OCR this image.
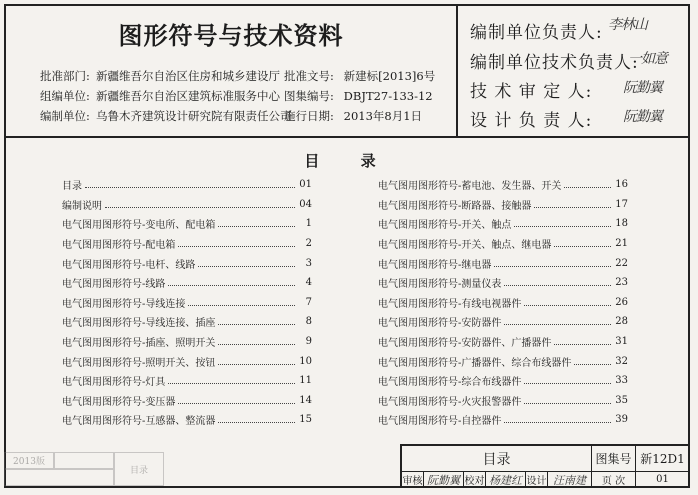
图形符号与技术资料
批准部门: 新疆维吾尔自治区住房和城乡建设厅 批准文号: 新建标[2013]6号
组编单位: 新疆维吾尔自治区建筑标准服务中心 图集编号: DBJT27-133-12
编制单位: 乌鲁木齐建筑设计研究院有限责任公司施行日期: 2013年8月1日
编制单位负责人: 李林山
编制单位技术负责人:
一如意
技 术 审 定 人:	阮勤翼
设 计 负 责 人:	阮勤翼
目 录
目录	01
编制说明	04
电气图用图形符号-变电所、配电箱	1
电气图用图形符号-配电箱	2
电气图用图形符号-电杆、线路	3
电气图用图形符号-线路	4
电气图用图形符号-导线连接	7
电气图用图形符号-导线连接、插座	8
电气图用图形符号-插座、照明开关	9
电气图用图形符号-照明开关、按钮	10
电气图用图形符号-灯具	11
电气图用图形符号-变压器	14
电气图用图形符号-互感器、整流器	15
电气图用图形符号-蓄电池、发生器、开关	16
电气图用图形符号-断路器、接触器	17
电气图用图形符号-开关、触点	18
电气图用图形符号-开关、触点、继电器	21
电气图用图形符号-继电器	22
电气图用图形符号-测量仪表	23
电气图用图形符号-有线电视器件	26
电气图用图形符号-安防器件	28
电气图用图形符号-安防器件、广播器件	31
电气图用图形符号-广播器件、综合布线器件	32
电气图用图形符号-综合布线器件	33
电气图用图形符号-火灾报警器件	35
电气图用图形符号-自控器件	39
2013版
目录
目录	图集号 新12D1
审核 阮勤翼 校对 杨建红 设计 汪南建	页 次	01
